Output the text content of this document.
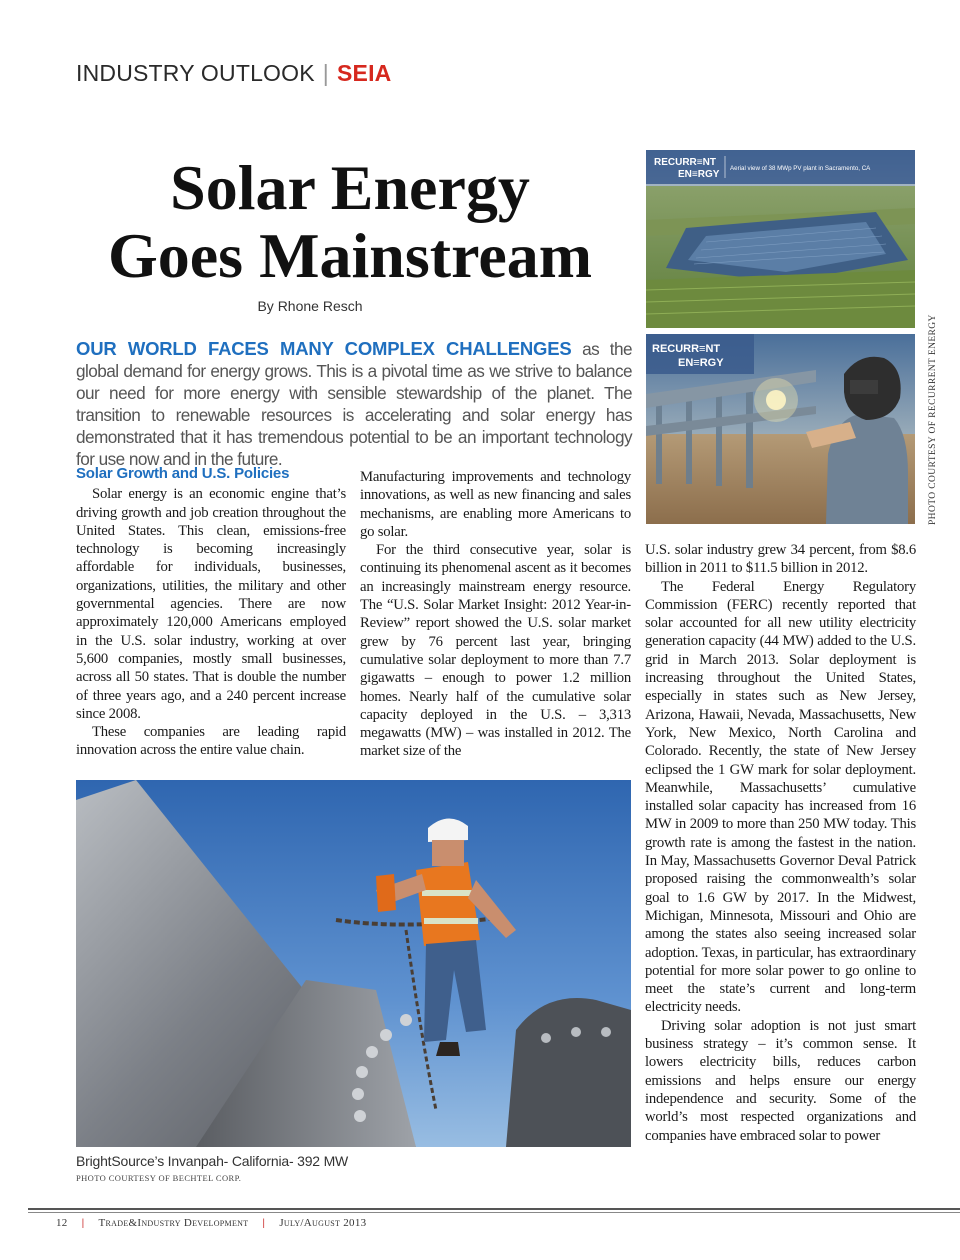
INDUSTRY OUTLOOK | SEIA
Solar Energy
Goes Mainstream
By Rhone Resch
OUR WORLD FACES MANY COMPLEX CHALLENGES as the global demand for energy grows. This is a pivotal time as we strive to balance our need for more energy with sensible stewardship of the planet. The transition to renewable resources is accelerating and solar energy has demonstrated that it has tremendous potential to be an important technology for use now and in the future.
Solar Growth and U.S. Policies

Solar energy is an economic engine that’s driving growth and job creation throughout the United States. This clean, emissions-free technology is becoming increasingly affordable for individuals, businesses, organizations, utilities, the military and other governmental agencies. There are now approximately 120,000 Americans employed in the U.S. solar industry, working at over 5,600 companies, mostly small businesses, across all 50 states. That is double the number of three years ago, and a 240 percent increase since 2008.

These companies are leading rapid innovation across the entire value chain.

Manufacturing improvements and technology innovations, as well as new financing and sales mechanisms, are enabling more Americans to go solar.

For the third consecutive year, solar is continuing its phenomenal ascent as it becomes an increasingly mainstream energy resource. The “U.S. Solar Market Insight: 2012 Year-in-Review” report showed the U.S. solar market grew by 76 percent last year, bringing cumulative solar deployment to more than 7.7 gigawatts – enough to power 1.2 million homes. Nearly half of the cumulative solar capacity deployed in the U.S. – 3,313 megawatts (MW) – was installed in 2012. The market size of the

U.S. solar industry grew 34 percent, from $8.6 billion in 2011 to $11.5 billion in 2012.

The Federal Energy Regulatory Commission (FERC) recently reported that solar accounted for all new utility electricity generation capacity (44 MW) added to the U.S. grid in March 2013. Solar deployment is increasing throughout the United States, especially in states such as New Jersey, Arizona, Hawaii, Nevada, Massachusetts, New York, New Mexico, North Carolina and Colorado. Recently, the state of New Jersey eclipsed the 1 GW mark for solar deployment. Meanwhile, Massachusetts’ cumulative installed solar capacity has increased from 16 MW in 2009 to more than 250 MW today. This growth rate is among the fastest in the nation. In May, Massachusetts Governor Deval Patrick proposed raising the commonwealth’s solar goal to 1.6 GW by 2017. In the Midwest, Michigan, Minnesota, Missouri and Ohio are among the states also seeing increased solar adoption. Texas, in particular, has extraordinary potential for more solar power to go online to meet the state’s current and long-term electricity needs.

Driving solar adoption is not just smart business strategy – it’s common sense. It lowers electricity bills, reduces carbon emissions and helps ensure our energy independence and security. Some of the world’s most respected organizations and companies have embraced solar to power

RECURR≡NT
EN≡RGY
Aerial view of 38 MWp PV plant in Sacramento, CA
RECURR≡NT
EN≡RGY	PHOTO COURTESY OF RECURRENT ENERGY
BrightSource’s Invanpah- California- 392 MW
PHOTO COURTESY OF BECHTEL CORP.
12 | Trade&Industry Development | July/August 2013
